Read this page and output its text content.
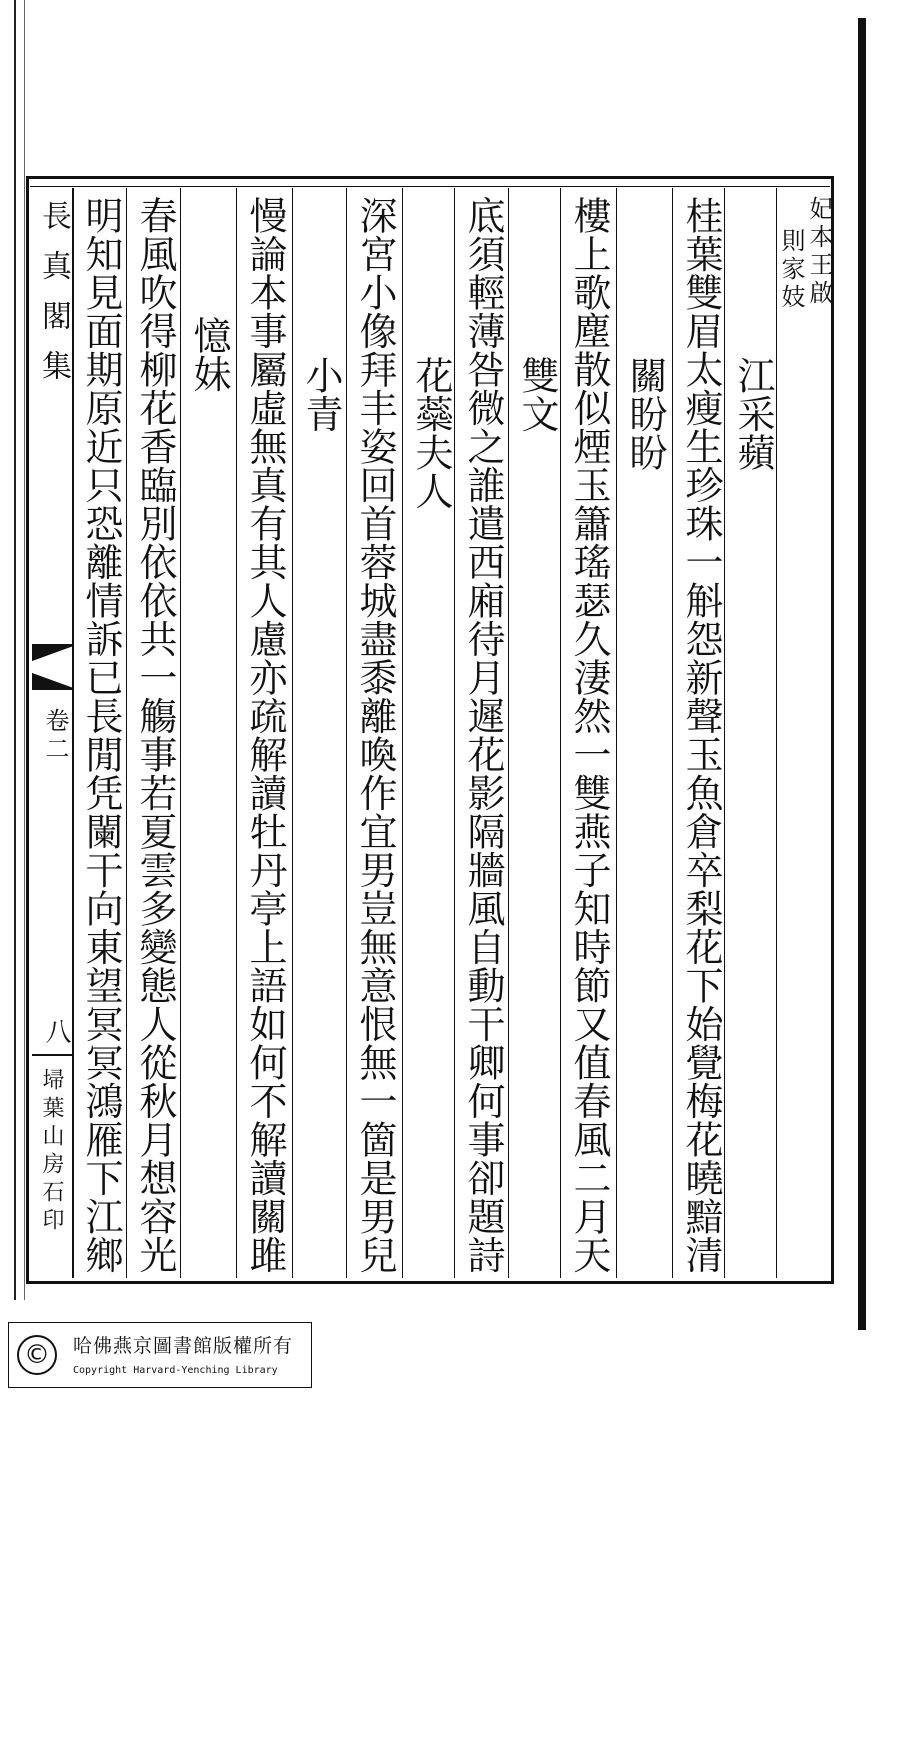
長真閣集
卷二
八
埽葉山房石印
妃本王啟
則家妓
江采蘋
桂葉雙眉太瘦生珍珠一斛怨新聲玉魚倉卒梨花下始覺梅花曉黯清
關盼盼
樓上歌塵散似煙玉簫瑤瑟久淒然一雙燕子知時節又值春風二月天
雙文
底須輕薄咎微之誰遣西廂待月遲花影隔牆風自動干卿何事卻題詩
花蘂夫人
深宮小像拜丰姿回首蓉城盡黍離喚作宜男豈無意恨無一箇是男兒
小青
慢論本事屬虛無真有其人慮亦疏解讀牡丹亭上語如何不解讀關雎
憶妹
春風吹得柳花香臨別依依共一觴事若夏雲多變態人從秋月想容光
明知見面期原近只恐離情訴已長閒凭闌干向東望冥冥鴻雁下江鄉
©	哈佛燕京圖書館版權所有
Copyright Harvard-Yenching Library
